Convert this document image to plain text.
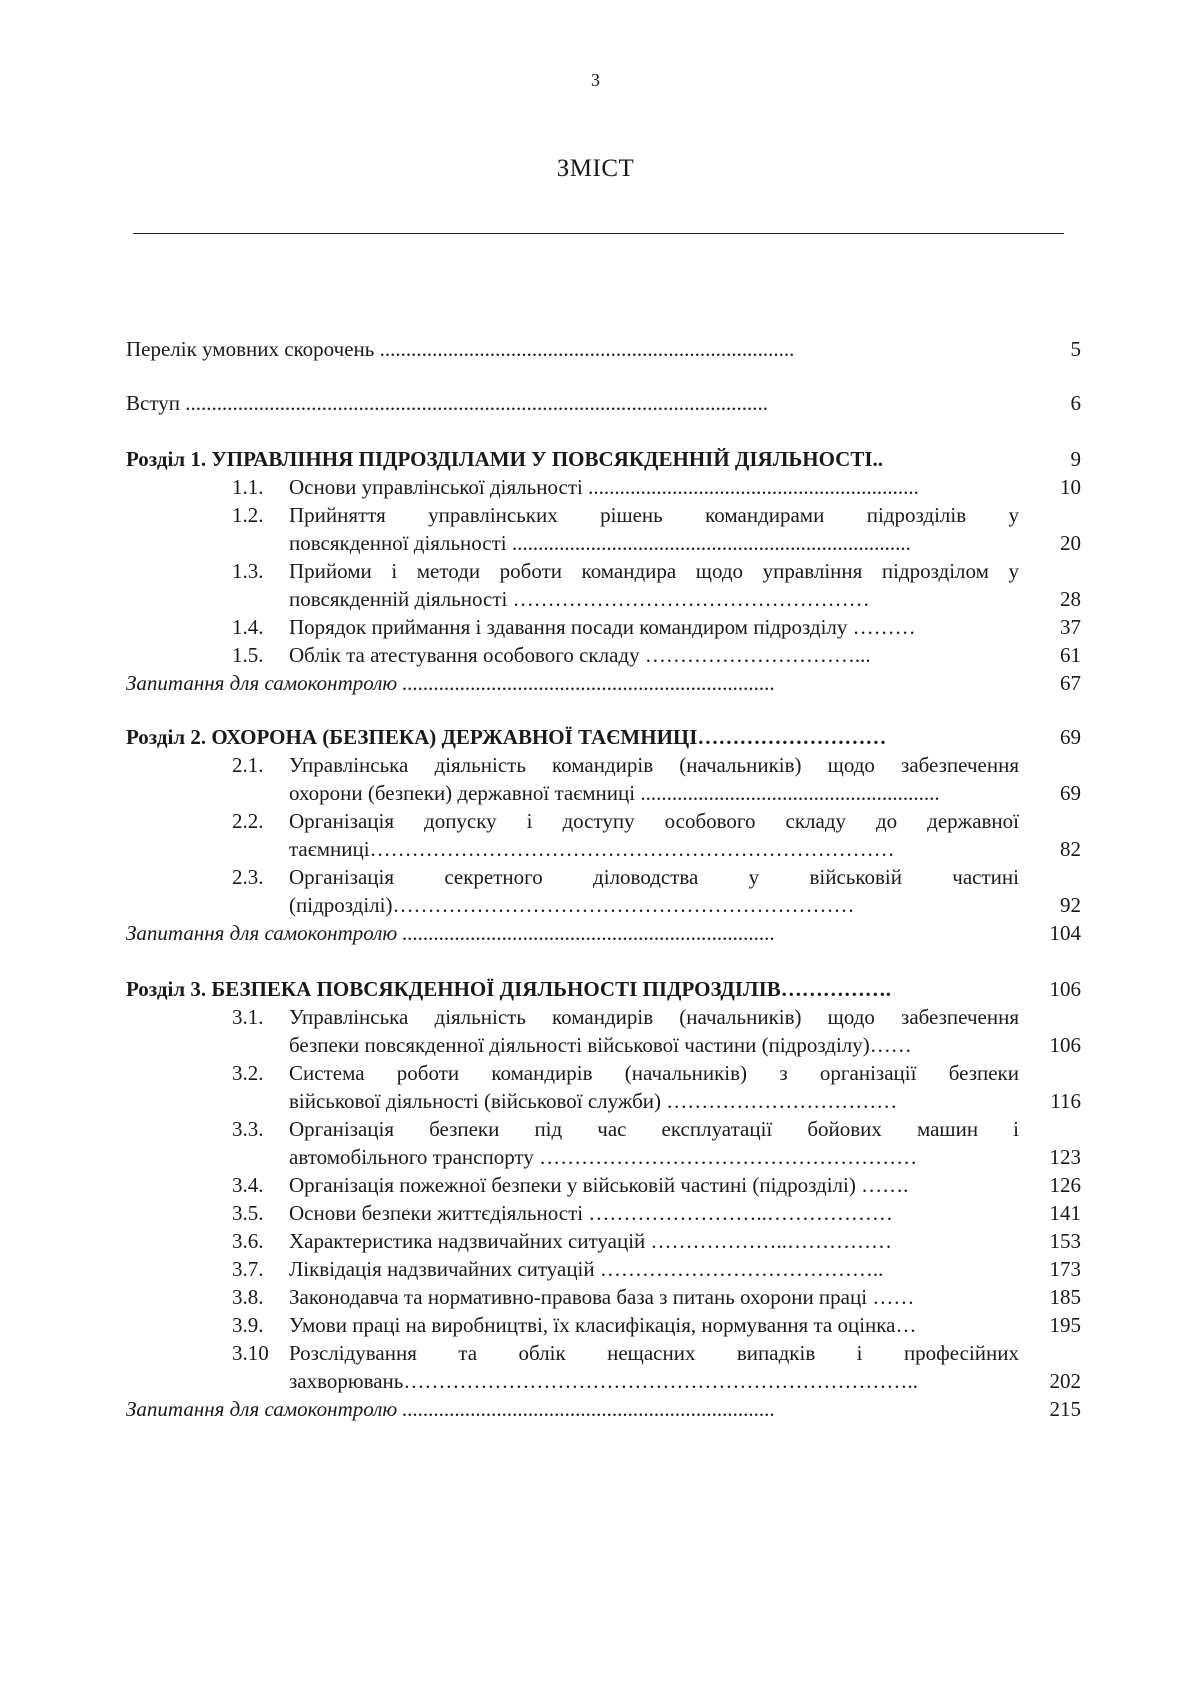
3
ЗМІСТ
Перелік умовних скорочень ...............................................................................	5
Вступ ...............................................................................................................	6
Розділ 1. УПРАВЛІННЯ ПІДРОЗДІЛАМИ У ПОВСЯКДЕННІЙ ДІЯЛЬНОСТІ..	9
1.1. Основи управлінської діяльності ...............................................................	10
1.2. Прийняття управлінських рішень командирами підрозділів у
повсякденної діяльності ............................................................................	20
1.3. Прийоми і методи роботи командира щодо управління підрозділом у
повсякденній діяльності ……………………………………………	28
1.4. Порядок приймання і здавання посади командиром підрозділу ………	37
1.5. Облік та атестування особового складу …………………………...	61
Запитання для самоконтролю .......................................................................	67
Розділ 2. ОХОРОНА (БЕЗПЕКА) ДЕРЖАВНОЇ ТАЄМНИЦІ………………………	69
2.1. Управлінська діяльність командирів (начальників) щодо забезпечення
охорони (безпеки) державної таємниці .........................................................	69
2.2. Організація допуску і доступу особового складу до державної
таємниці…………………………………………………………………	82
2.3. Організація секретного діловодства у військовій частині
(підрозділі)…………………………………………………………	92
Запитання для самоконтролю .......................................................................	104
Розділ 3. БЕЗПЕКА ПОВСЯКДЕННОЇ ДІЯЛЬНОСТІ ПІДРОЗДІЛІВ…………….	106
3.1. Управлінська діяльність командирів (начальників) щодо забезпечення
безпеки повсякденної діяльності військової частини (підрозділу)……	106
3.2. Система роботи командирів (начальників) з організації безпеки
військової діяльності (військової служби) ……………………………	116
3.3. Організація безпеки під час експлуатації бойових машин і
автомобільного транспорту ………………………………………………	123
3.4. Організація пожежної безпеки у військовій частині (підрозділі) …….	126
3.5. Основи безпеки життєдіяльності ……………………..………………	141
3.6. Характеристика надзвичайних ситуацій ………………..……………	153
3.7. Ліквідація надзвичайних ситуацій …………………………………..	173
3.8. Законодавча та нормативно-правова база з питань охорони праці ……	185
3.9. Умови праці на виробництві, їх класифікація, нормування та оцінка…	195
3.10 Розслідування та облік нещасних випадків і професійних
захворювань………………………………………………………………..	202
Запитання для самоконтролю .......................................................................	215
